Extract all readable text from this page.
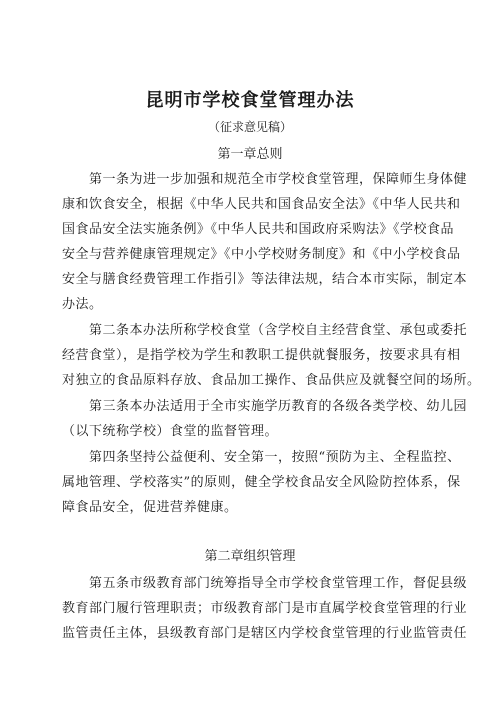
昆明市学校食堂管理办法
（征求意见稿）
第一章总则
第一条为进一步加强和规范全市学校食堂管理，保障师生身体健
康和饮食安全，根据《中华人民共和国食品安全法》《中华人民共和
国食品安全法实施条例》《中华人民共和国政府采购法》《学校食品
安全与营养健康管理规定》《中小学校财务制度》和《中小学校食品
安全与膳食经费管理工作指引》等法律法规，结合本市实际，制定本
办法。
第二条本办法所称学校食堂（含学校自主经营食堂、承包或委托
经营食堂），是指学校为学生和教职工提供就餐服务，按要求具有相
对独立的食品原料存放、食品加工操作、食品供应及就餐空间的场所。
第三条本办法适用于全市实施学历教育的各级各类学校、幼儿园
（以下统称学校）食堂的监督管理。
第四条坚持公益便利、安全第一，按照“预防为主、全程监控、
属地管理、学校落实”的原则，健全学校食品安全风险防控体系，保
障食品安全，促进营养健康。
第二章组织管理
第五条市级教育部门统筹指导全市学校食堂管理工作，督促县级
教育部门履行管理职责；市级教育部门是市直属学校食堂管理的行业
监管责任主体，县级教育部门是辖区内学校食堂管理的行业监管责任
